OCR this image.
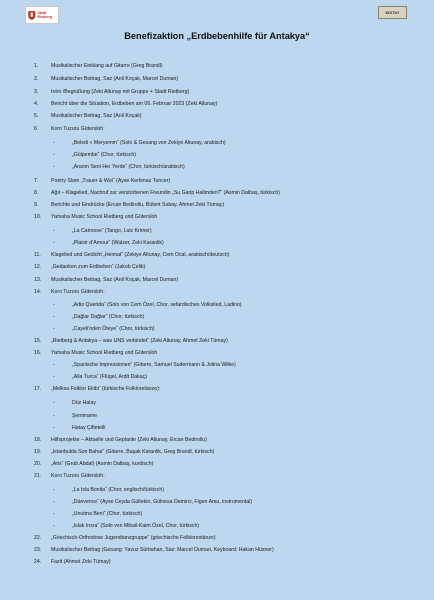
Stadt Rietberg
EDITAY
Benefizaktion „Erdbebenhilfe für Antakya“
1. Musikalischer Einklang auf Gitarre (Greg Brandl)
2. Musikalischer Beitrag, Saz (Anil Koçak, Marcel Duman)
3. Intro /Begrüßung (Zeki Altunay mit Gruppe + Stadt Rietberg)
4. Bericht über die Situation, Erdbeben am 06. Februar 2023 (Zeki Altunay)
5. Musikalischer Beitrag, Saz (Anil Koçak)
6. Koro Tuzuru Gütersloh:
-	„Beledi « Meryemm“ (Solo & Gesang von Zekiye Altunay, arabisch)
-	„Gülpembe“ (Chor, türkisch)
-	„Aranm Seni Her Yerde“ (Chor, türkisch/arabisch)
7. Poetry Slam „Trauer & Wut“ (Ayse Kerkmaz Tuncer)
8. Ağıt – Klagelied, Nachruf zur verstorbenen Freundin „Su Garip Halimden?“ (Asmin Dalbaş, türkisch)
9. Berichte und Eindrücke (Ercan Bedirollu, Bülent Subay, Ahmet Zeki Tümay)
10. Yamaha Music School Rietberg und Gütersloh
-	„La Carinose“ (Tango, Luiz Krimer)
-	„Plaisir d’Amour“ (Walzer, Zeki Karanlik)
11. Klagelied und Gedicht „Heimat“ (Zekiye Altunay, Cem Ocal, arabisch/deutsch)
12. „Gedanken zum Erdbeben“ (Jakob Çelik)
13. Musikalischer Beitrag, Saz (Anil Koçak, Marcel Duman)
14. Koro Tuzuru Gütersloh:
-	„Adio Querida“ (Solo von Cem Özel, Chor, sefardisches Volkslied, Ladino)
-	„Dağlar Dağlar“ (Chor, türkisch)
-	„Cayeli’nden Öteye“ (Chor, türkisch)
15. „Rietberg & Antakya – was UNS verbindet“ (Zeki Altunay, Ahmet Zeki Tümay)
16. Yamaha Music School Rietberg und Gütersloh
-	„Spanische Impressionen“ (Gitarre, Samuel Sudermann & Jolina Wilke)
-	„Alla Turca“ (Flügel, Ardit Dakaç)
17. „Melksa Folklor Ekibi“ (türkische Folkloretänze):
-	Düz Halay
-	Şemmame
-	Hatay Çiftetelli
18. Hilfsprojekte – Aktuelle und Geplante (Zeki Altunay, Ercan Bedirollu)
19. „Istanbulda Son Bahar“ (Gitarre, Başak Karanlik, Greg Brandl, türkisch)
20. „Aris“ (Grub Abdal) (Asmin Dalbaş, kurdisch)
21. Koro Tuzuru Gütersloh:
-	„La Isla Bonita“ (Chor, englisch/türkisch)
-	„Düevence“ (Ayse Ceyda Gültekin, Gülnesa Demirci, Figen Arsu, instrumental)
-	„Unutma Beni“ (Chor, türkisch)
-	„Islak Insra“ (Solo von Mikail-Kaim Özel, Chor, türkisch)
22. „Griechisch-Orthodoxe Jugendtanzgruppe“ (griechische Folklorestänze)
23. Musikalischer Beitrag (Gesang: Yavuz Sürbahan, Saz: Marcel Duman, Keyboard: Hakan Hüsner)
24. Fazit (Ahmet Zeki Tümay)
